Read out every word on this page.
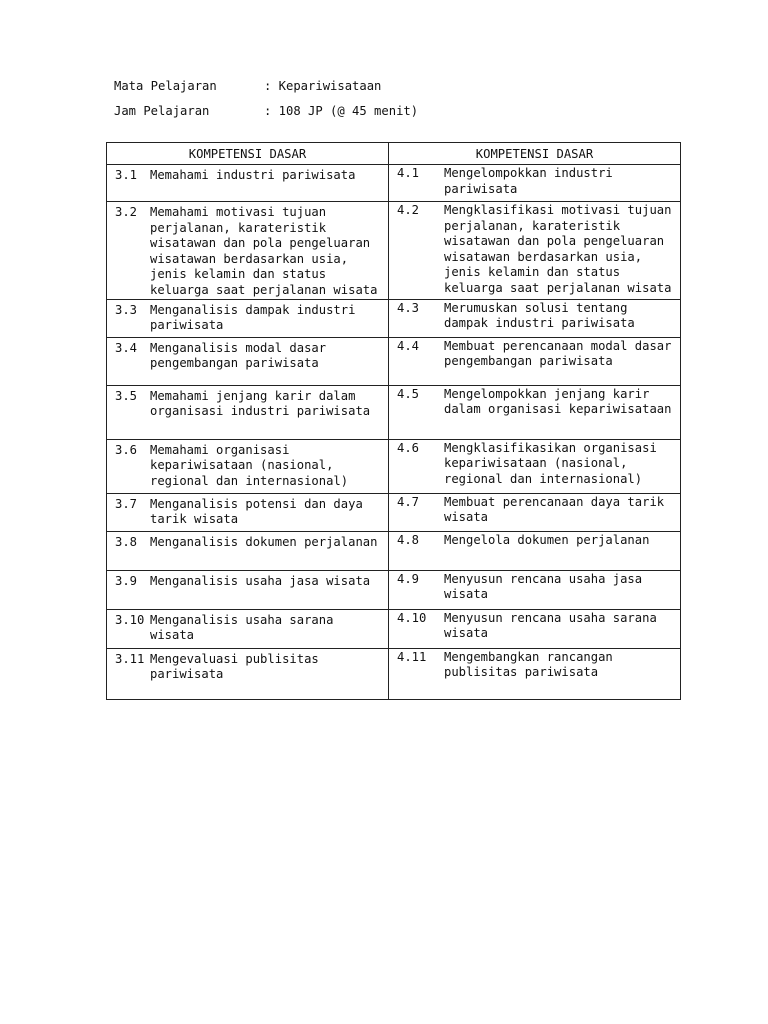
Mata Pelajaran	: Kepariwisataan
Jam Pelajaran	: 108 JP (@ 45 menit)
KOMPETENSI DASAR	KOMPETENSI DASAR

3.1 Memahami industri pariwisata	4.1 Mengelompokkan industri pariwisata

3.2 Memahami motivasi tujuan perjalanan, karateristik wisatawan dan pola pengeluaran wisatawan berdasarkan usia, jenis kelamin dan status keluarga saat perjalanan wisata	4.2 Mengklasifikasi motivasi tujuan perjalanan, karateristik wisatawan dan pola pengeluaran wisatawan berdasarkan usia, jenis kelamin dan status keluarga saat perjalanan wisata

3.3 Menganalisis dampak industri pariwisata	4.3 Merumuskan solusi tentang dampak industri pariwisata

3.4 Menganalisis modal dasar pengembangan pariwisata	4.4 Membuat perencanaan modal dasar pengembangan pariwisata

3.5 Memahami jenjang karir dalam organisasi industri pariwisata	4.5 Mengelompokkan jenjang karir dalam organisasi kepariwisataan

3.6 Memahami organisasi kepariwisataan (nasional, regional dan internasional)	4.6 Mengklasifikasikan organisasi kepariwisataan (nasional, regional dan internasional)

3.7 Menganalisis potensi dan daya tarik wisata	4.7 Membuat perencanaan daya tarik wisata

3.8 Menganalisis dokumen perjalanan	4.8 Mengelola dokumen perjalanan

3.9 Menganalisis usaha jasa wisata	4.9 Menyusun rencana usaha jasa wisata

3.10 Menganalisis usaha sarana wisata	4.10 Menyusun rencana usaha sarana wisata

3.11 Mengevaluasi publisitas pariwisata	4.11 Mengembangkan rancangan publisitas pariwisata
